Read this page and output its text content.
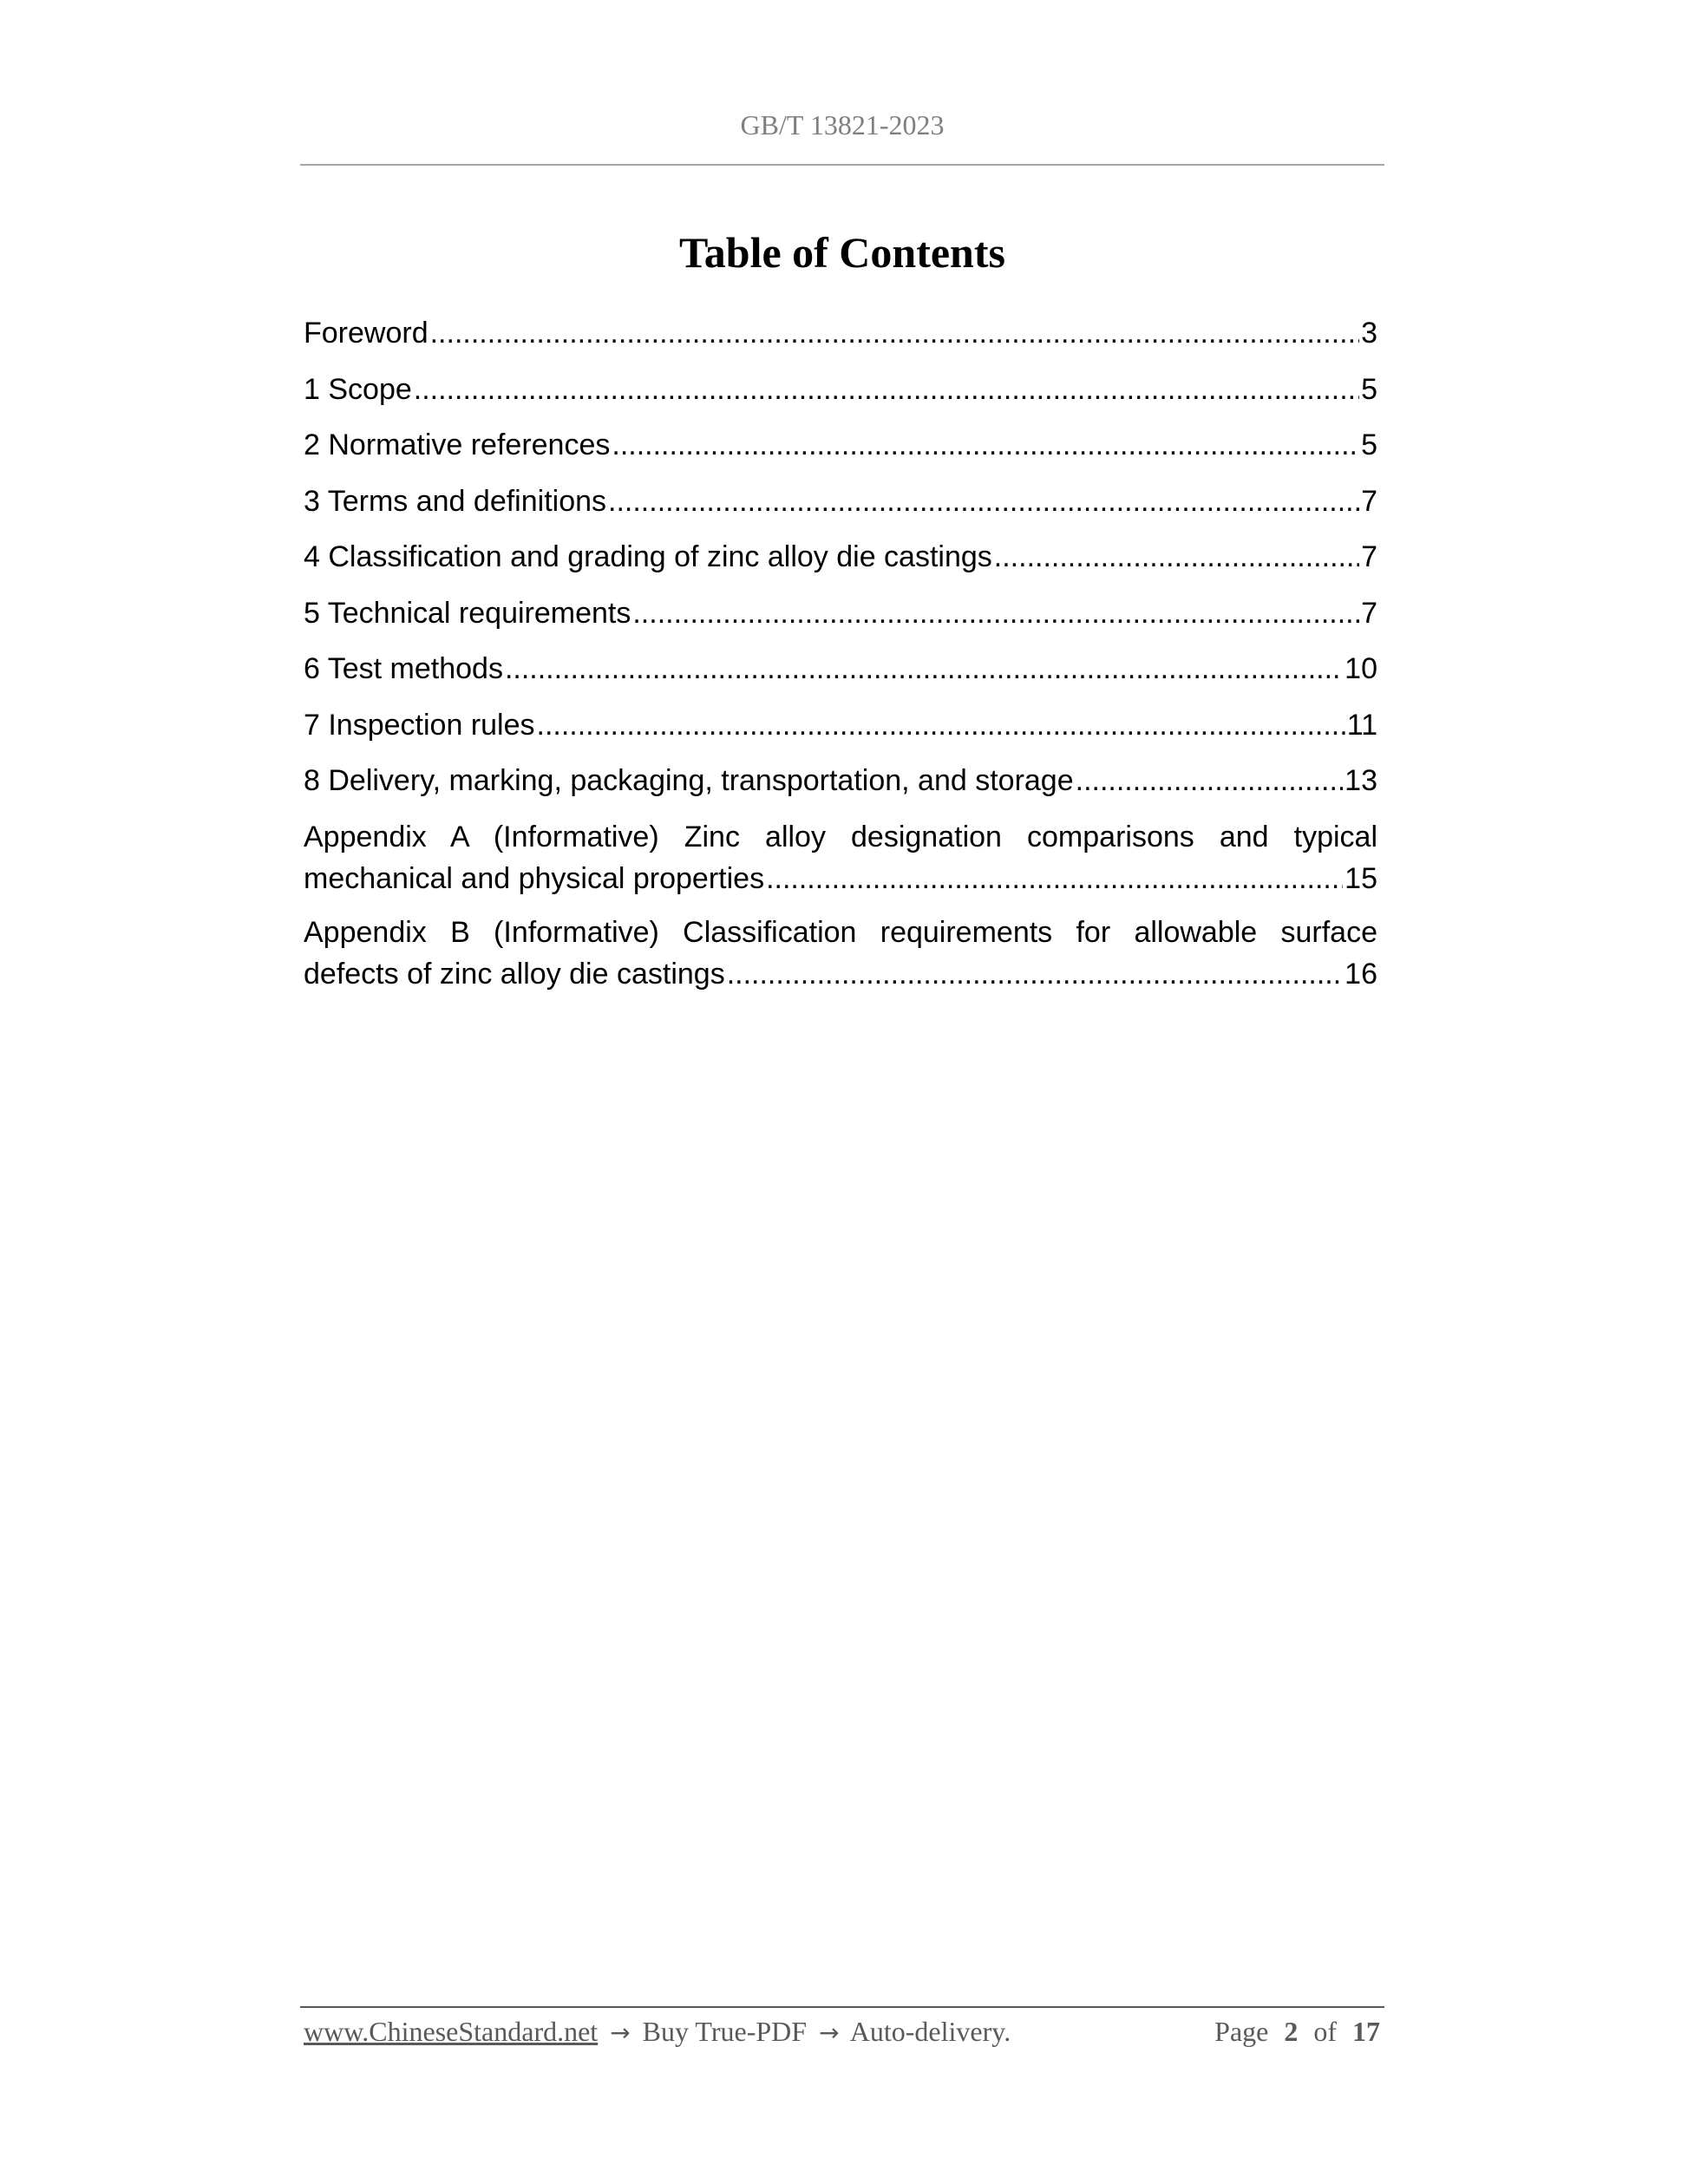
GB/T 13821-2023
Table of Contents
Foreword .....	3
1 Scope .....	5
2 Normative references .....	5
3 Terms and definitions .....	7
4 Classification and grading of zinc alloy die castings .....	7
5 Technical requirements .....	7
6 Test methods .....	10
7 Inspection rules .....	11
8 Delivery, marking, packaging, transportation, and storage .....	13
Appendix A (Informative) Zinc alloy designation comparisons and typical
mechanical and physical properties .....	15
Appendix B (Informative) Classification requirements for allowable surface
defects of zinc alloy die castings .....	16
www.ChineseStandard.net → Buy True-PDF → Auto-delivery.	Page 2 of 17
